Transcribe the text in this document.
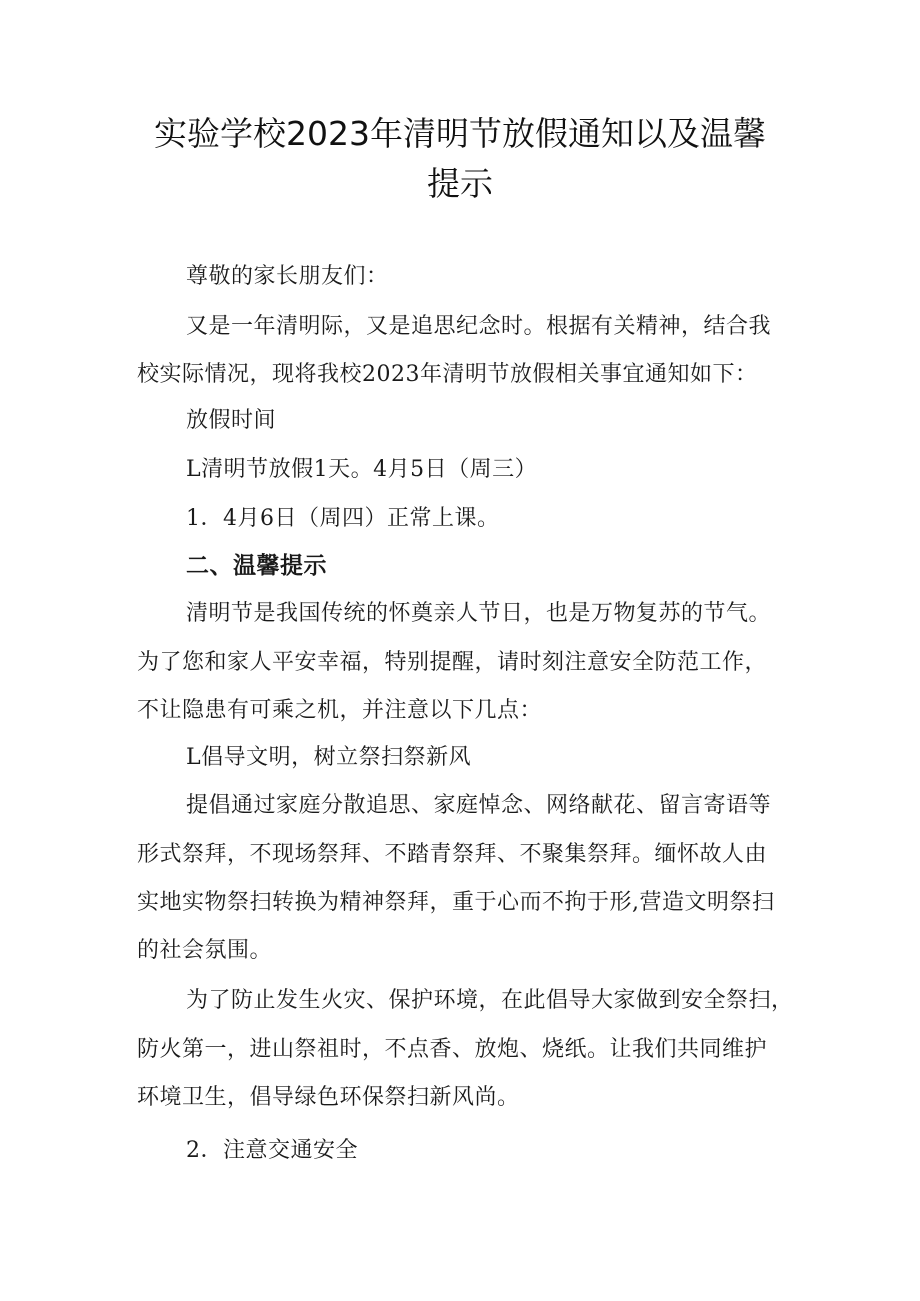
实验学校2023年清明节放假通知以及温馨
提示
尊敬的家长朋友们：
又是一年清明际，又是追思纪念时。根据有关精神，结合我
校实际情况，现将我校2023年清明节放假相关事宜通知如下：
放假时间
L清明节放假1天。4月5日（周三）
1．4月6日（周四）正常上课。
二、温馨提示
清明节是我国传统的怀奠亲人节日，也是万物复苏的节气。
为了您和家人平安幸福，特别提醒，请时刻注意安全防范工作，
不让隐患有可乘之机，并注意以下几点：
L倡导文明，树立祭扫祭新风
提倡通过家庭分散追思、家庭悼念、网络献花、留言寄语等
形式祭拜，不现场祭拜、不踏青祭拜、不聚集祭拜。缅怀故人由
实地实物祭扫转换为精神祭拜，重于心而不拘于形,营造文明祭扫
的社会氛围。
为了防止发生火灾、保护环境，在此倡导大家做到安全祭扫，
防火第一，进山祭祖时，不点香、放炮、烧纸。让我们共同维护
环境卫生，倡导绿色环保祭扫新风尚。
2．注意交通安全
